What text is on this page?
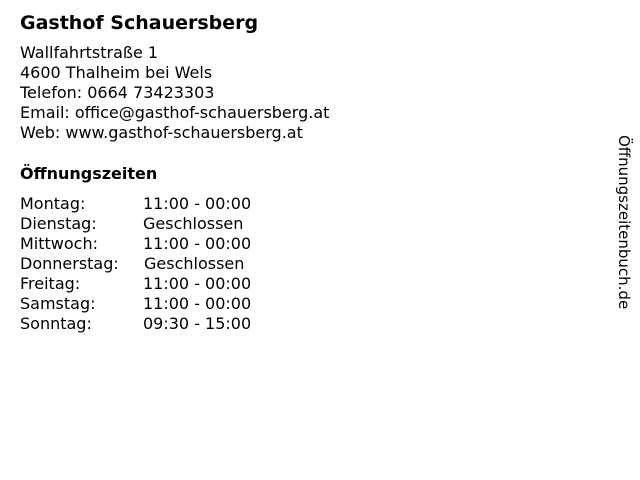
Gasthof Schauersberg
Wallfahrtstraße 1
4600 Thalheim bei Wels
Telefon: 0664 73423303
Email: office@gasthof-schauersberg.at
Web: www.gasthof-schauersberg.at
Öffnungszeiten
Montag:	11:00 - 00:00
Dienstag:	Geschlossen
Mittwoch:	11:00 - 00:00
Donnerstag: Geschlossen
Freitag:	11:00 - 00:00
Samstag:	11:00 - 00:00
Sonntag:	09:30 - 15:00
Öffnungszeitenbuch.de
